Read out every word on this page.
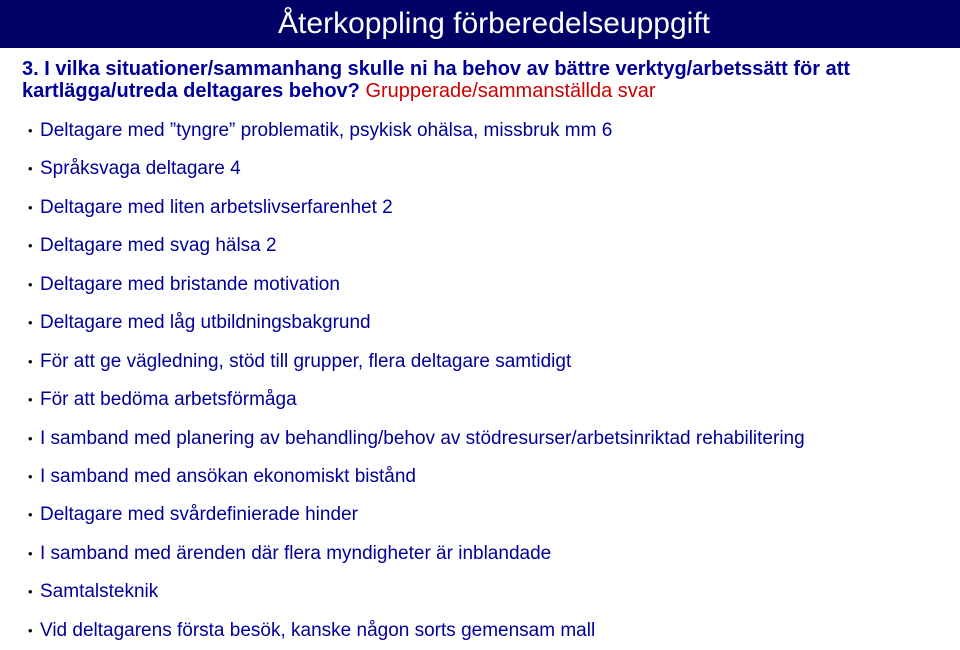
Återkoppling förberedelseuppgift
3. I vilka situationer/sammanhang skulle ni ha behov av bättre verktyg/arbetssätt för att kartlägga/utreda deltagares behov? Grupperade/sammanställda svar
• Deltagare med ”tyngre” problematik, psykisk ohälsa, missbruk mm 6
• Språksvaga deltagare 4
• Deltagare med liten arbetslivserfarenhet 2
• Deltagare med svag hälsa 2
• Deltagare med bristande motivation
• Deltagare med låg utbildningsbakgrund
• För att ge vägledning, stöd till grupper, flera deltagare samtidigt
• För att bedöma arbetsförmåga
• I samband med planering av behandling/behov av stödresurser/arbetsinriktad rehabilitering
• I samband med ansökan ekonomiskt bistånd
• Deltagare med svårdefinierade hinder
• I samband med ärenden där flera myndigheter är inblandade
• Samtalsteknik
• Vid deltagarens första besök, kanske någon sorts gemensam mall
